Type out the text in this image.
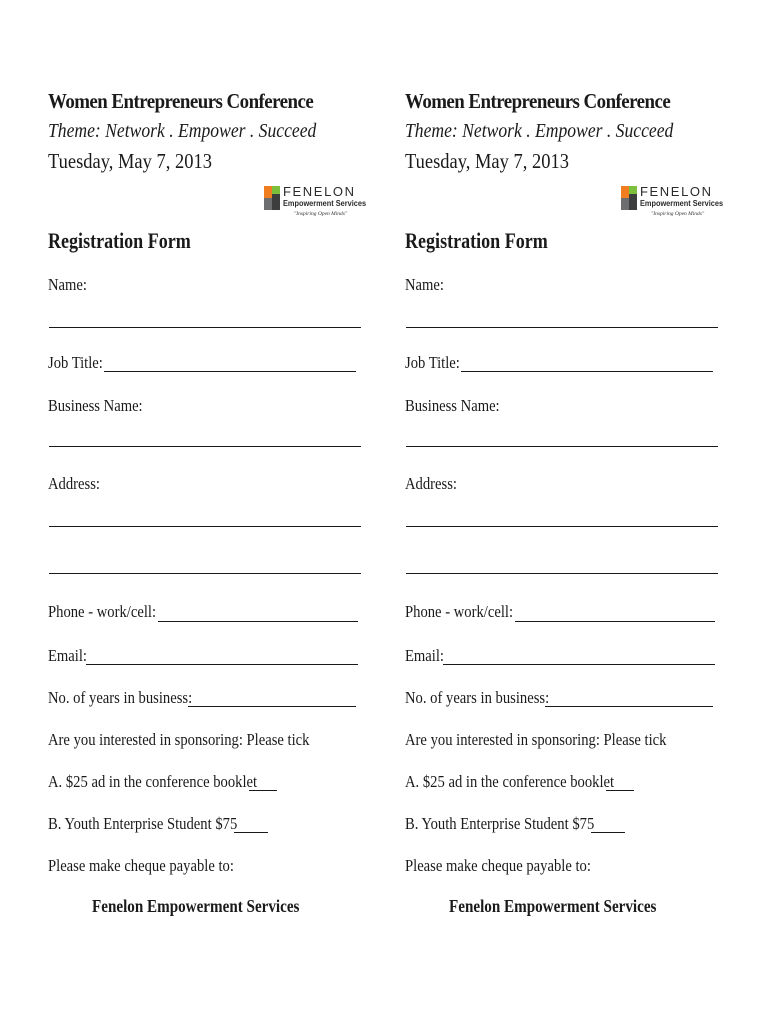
Women Entrepreneurs Conference
Theme: Network . Empower . Succeed
Tuesday, May 7, 2013
FENELON
Empowerment Services
"Inspiring Open Minds"
Registration Form
Name:
Job Title:
Business Name:
Address:
Phone - work/cell:
Email:
No. of years in business:
Are you interested in sponsoring: Please tick
A. $25 ad in the conference booklet
B. Youth Enterprise Student $75
Please make cheque payable to:
Fenelon Empowerment Services
Women Entrepreneurs Conference
Theme: Network . Empower . Succeed
Tuesday, May 7, 2013
FENELON
Empowerment Services
"Inspiring Open Minds"
Registration Form
Name:
Job Title:
Business Name:
Address:
Phone - work/cell:
Email:
No. of years in business:
Are you interested in sponsoring: Please tick
A. $25 ad in the conference booklet
B. Youth Enterprise Student $75
Please make cheque payable to:
Fenelon Empowerment Services
